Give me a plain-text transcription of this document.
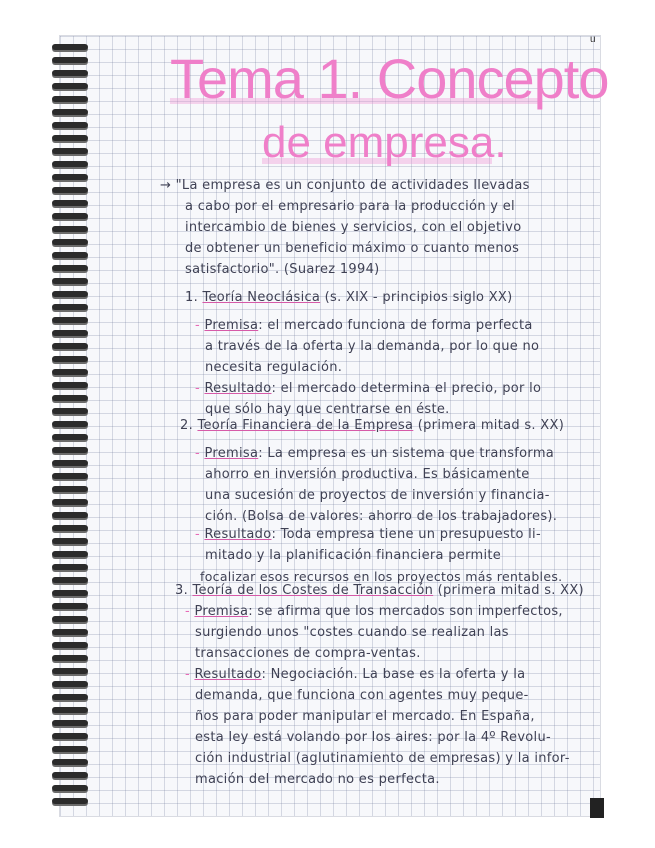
u
Tema 1. Concepto
de empresa.
→ "La empresa es un conjunto de actividades llevadas
a cabo por el empresario para la producción y el
intercambio de bienes y servicios, con el objetivo
de obtener un beneficio máximo o cuanto menos
satisfactorio". (Suarez 1994)
1. Teoría Neoclásica (s. XIX - principios siglo XX)
- Premisa: el mercado funciona de forma perfecta
a través de la oferta y la demanda, por lo que no
necesita regulación.
- Resultado: el mercado determina el precio, por lo
que sólo hay que centrarse en éste.
2. Teoría Financiera de la Empresa (primera mitad s. XX)
- Premisa: La empresa es un sistema que transforma
ahorro en inversión productiva. Es básicamente
una sucesión de proyectos de inversión y financia-
ción. (Bolsa de valores: ahorro de los trabajadores).
- Resultado: Toda empresa tiene un presupuesto li-
mitado y la planificación financiera permite
focalizar esos recursos en los proyectos más rentables.
3. Teoría de los Costes de Transacción (primera mitad s. XX)
- Premisa: se afirma que los mercados son imperfectos,
surgiendo unos "costes cuando se realizan las
transacciones de compra-ventas.
- Resultado: Negociación. La base es la oferta y la
demanda, que funciona con agentes muy peque-
ños para poder manipular el mercado. En España,
esta ley está volando por los aires: por la 4º Revolu-
ción industrial (aglutinamiento de empresas) y la infor-
mación del mercado no es perfecta.
